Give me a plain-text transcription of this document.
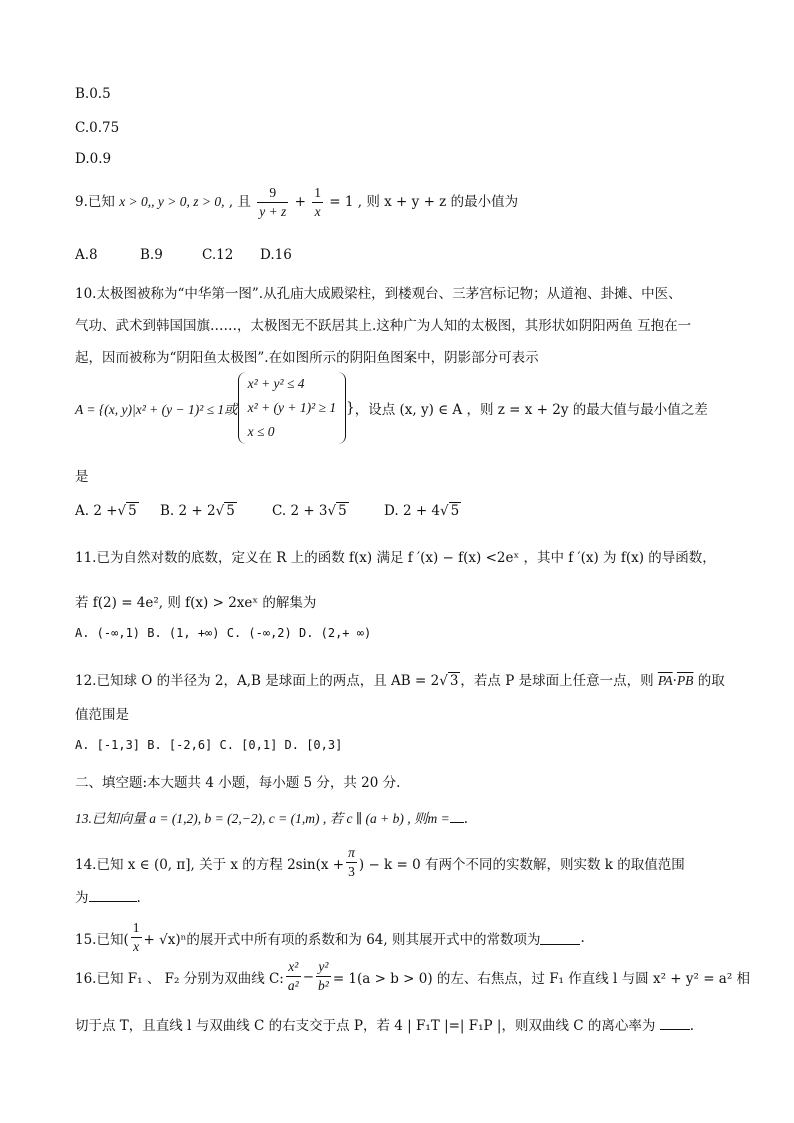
B.0.5
C.0.75
D.0.9
9.已知 x > 0,, y > 0, z > 0, , 且 $\frac{9}{y + z} + \frac{1}{x} = 1$ , 则 x + y + z 的最小值为
A.8	B.9	C.12 D.16
10.太极图被称为“中华第一图”.从孔庙大成殿梁柱，到楼观台、三茅宫标记物；从道袍、卦摊、中医、
气功、武术到韩国国旗……，太极图无不跃居其上.这种广为人知的太极图，其形状如阴阳两鱼 互抱在一
起，因而被称为“阴阳鱼太极图”.在如图所示的阴阳鱼图案中，阴影部分可表示
A = {(x, y)|x² + (y − 1)² ≤ 1或
x² + y² ≤ 4
x² + (y + 1)² ≥ 1
x ≤ 0
} ，设点 (x, y) ∈ A ，则 z = x + 2y 的最大值与最小值之差
是
A. 2 +√ 5 B. 2 + 2√ 5	C. 2 + 3√ 5	D. 2 + 4√ 5
11.已为自然对数的底数，定义在 R 上的函数 f(x) 满足 f ′(x) − f(x) <2eˣ ，其中 f ′(x) 为 f(x) 的导函数，
若 f(2) = 4e², 则 f(x) > 2xeˣ 的解集为
A. (-∞,1) B. (1, +∞) C. (-∞,2) D. (2,+ ∞)
12.已知球 O 的半径为 2，A,B 是球面上的两点，且 AB = 2√ 3 ，若点 P 是球面上任意一点，则 $\overline{PA}\cdot\overline{PB}$ 的取
值范围是
A. [-1,3] B. [-2,6] C. [0,1] D. [0,3]
二、填空题:本大题共 4 小题，每小题 5 分，共 20 分.
13.已知向量 a = (1,2), b = (2,−2), c = (1,m) , 若 c ∥ (a + b) , 则m = .
14.已知 x ∈ (0, π], 关于 x 的方程 $2\sin(x + \frac{\pi}{3}$ ) − k = 0 有两个不同的实数解，则实数 k 的取值范围
为	.
15.已知( $\frac{1}{x} + √x)^n$的展开式中所有项的系数和为 64, 则其展开式中的常数项为	.
16.已知 F₁ 、 F₂ 分别为双曲线 C: $\frac{\text{x²}}{\text{a²}} - \frac{\text{y²}}{\text{b²}} = 1(a > b > 0)$ 的左、右焦点，过 F₁ 作直线 l 与圆 x² + y² = a² 相
切于点 T，且直线 l 与双曲线 C 的右支交于点 P，若 4 | F₁T |=| F₁P |，则双曲线 C 的离心率为	.
